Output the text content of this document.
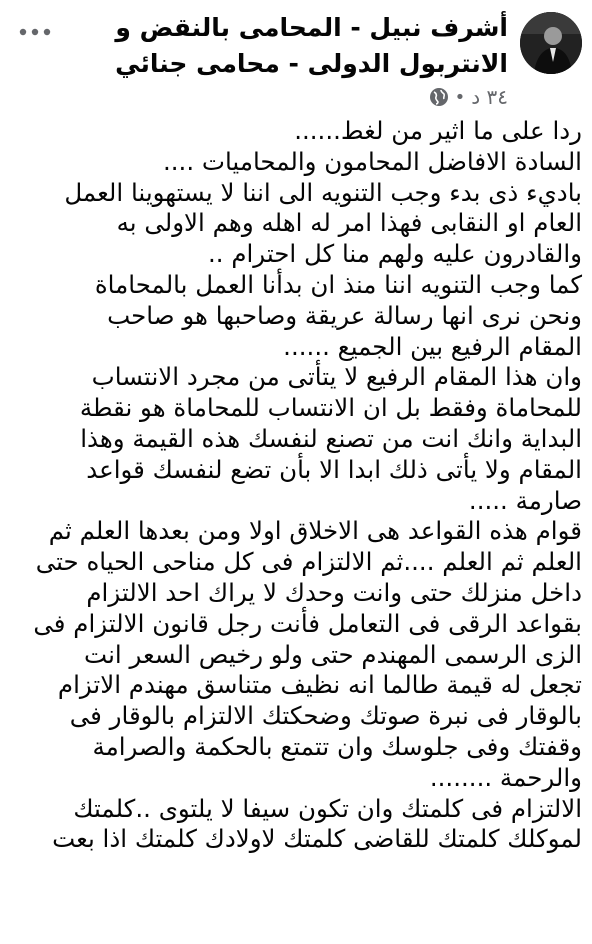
أشرف نبيل - المحامى بالنقض و الانتربول الدولى - محامى جنائي
٣٤ د
•
ردا على ما اثير من لغط......
السادة الافاضل المحامون والمحاميات ....
باديء ذى بدء وجب التنويه الى اننا لا يستهوينا العمل
العام او النقابى فهذا امر له اهله وهم الاولى به
والقادرون عليه ولهم منا كل احترام ..
كما وجب التنويه اننا منذ ان بدأنا العمل بالمحاماة
ونحن نرى انها رسالة عريقة وصاحبها هو صاحب
المقام الرفيع بين الجميع ......
وان هذا المقام الرفيع لا يتأتى من مجرد الانتساب
للمحاماة وفقط بل ان الانتساب للمحاماة هو نقطة
البداية وانك انت من تصنع لنفسك هذه القيمة وهذا
المقام ولا يأتى ذلك ابدا الا بأن تضع لنفسك قواعد
صارمة .....
قوام هذه القواعد هى الاخلاق اولا ومن بعدها العلم ثم
العلم ثم العلم ....ثم الالتزام فى كل مناحى الحياه حتى
داخل منزلك حتى وانت وحدك لا يراك احد الالتزام
بقواعد الرقى فى التعامل فأنت رجل قانون الالتزام فى
الزى الرسمى المهندم حتى ولو رخيص السعر انت
تجعل له قيمة طالما انه نظيف متناسق مهندم الاتزام
بالوقار فى نبرة صوتك وضحكتك الالتزام بالوقار فى
وقفتك وفى جلوسك وان تتمتع بالحكمة والصرامة
والرحمة ........
الالتزام فى كلمتك وان تكون سيفا لا يلتوى ..كلمتك
لموكلك كلمتك للقاضى كلمتك لاولادك كلمتك اذا بعت
